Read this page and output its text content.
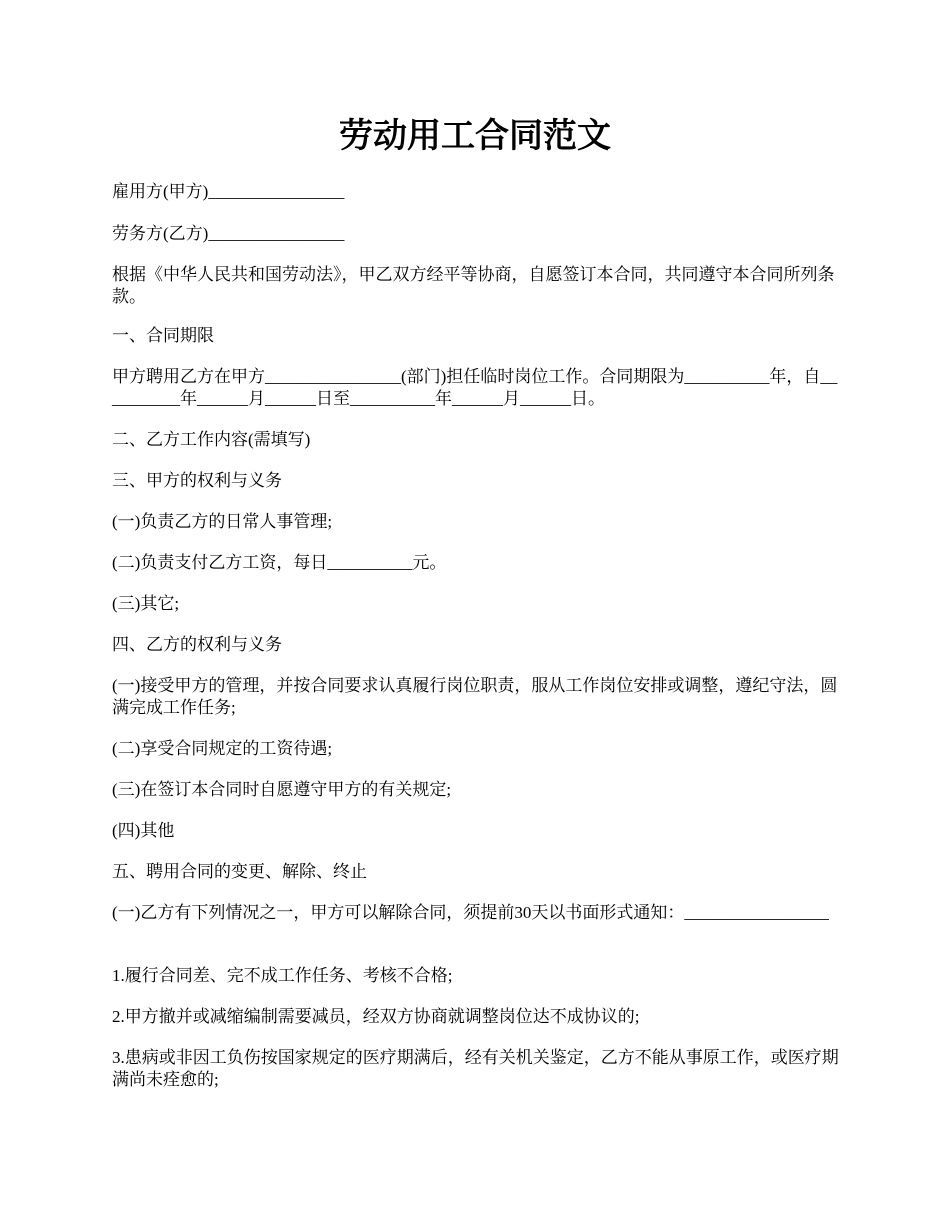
劳动用工合同范文

雇用方(甲方)________________

劳务方(乙方)________________

根据《中华人民共和国劳动法》，甲乙双方经平等协商，自愿签订本合同，共同遵守本合同所列条款。

一、合同期限

甲方聘用乙方在甲方________________(部门)担任临时岗位工作。合同期限为__________年，自__________年______月______日至__________年______月______日。

二、乙方工作内容(需填写)

三、甲方的权利与义务

(一)负责乙方的日常人事管理;

(二)负责支付乙方工资，每日__________元。

(三)其它;

四、乙方的权利与义务

(一)接受甲方的管理，并按合同要求认真履行岗位职责，服从工作岗位安排或调整，遵纪守法，圆满完成工作任务;

(二)享受合同规定的工资待遇;

(三)在签订本合同时自愿遵守甲方的有关规定;

(四)其他

五、聘用合同的变更、解除、终止

(一)乙方有下列情况之一，甲方可以解除合同，须提前30天以书面形式通知：_________________

1.履行合同差、完不成工作任务、考核不合格;

2.甲方撤并或减缩编制需要减员，经双方协商就调整岗位达不成协议的;

3.患病或非因工负伤按国家规定的医疗期满后，经有关机关鉴定，乙方不能从事原工作，或医疗期满尚未痊愈的;
